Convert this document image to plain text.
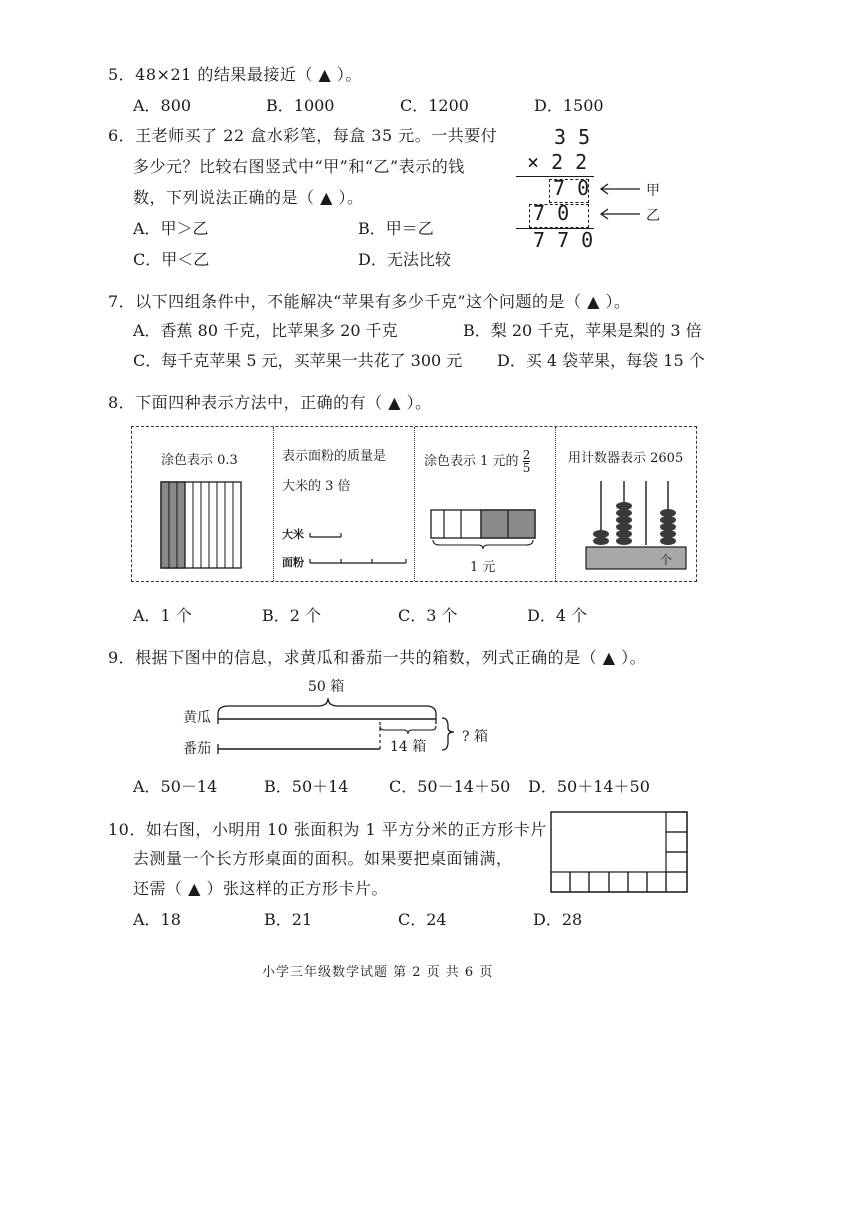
5．48×21 的结果最接近（ ▲ ）。
A．800	B．1000	C．1200	D．1500
6．王老师买了 22 盒水彩笔，每盒 35 元。一共要付
多少元？比较右图竖式中“甲”和“乙”表示的钱
数，下列说法正确的是（ ▲ ）。
A．甲＞乙	B．甲＝乙
C．甲＜乙	D．无法比较
3 5
× 2 2
7 0
7 0
7 7 0
甲
乙
7．以下四组条件中，不能解决“苹果有多少千克”这个问题的是（ ▲ ）。
A．香蕉 80 千克，比苹果多 20 千克	B．梨 20 千克，苹果是梨的 3 倍
C．每千克苹果 5 元，买苹果一共花了 300 元 D．买 4 袋苹果，每袋 15 个
8．下面四种表示方法中，正确的有（ ▲ ）。
涂色表示 0.3	表示面粉的质量是
大米的 3 倍
大米
面粉
涂色表示 1 元的 $\frac{2}{5}$
1 元
用计数器表示 2605
个
A．1 个	B．2 个	C．3 个	D．4 个
9．根据下图中的信息，求黄瓜和番茄一共的箱数，列式正确的是（ ▲ ）。
50 箱
黄瓜
番茄	14 箱
? 箱
A．50－14	B．50＋14	C．50－14＋50 D．50＋14＋50
10．如右图，小明用 10 张面积为 1 平方分米的正方形卡片
去测量一个长方形桌面的面积。如果要把桌面铺满，
还需（ ▲ ）张这样的正方形卡片。
A．18	B．21	C．24	D．28
小学三年级数学试题 第 2 页 共 6 页
